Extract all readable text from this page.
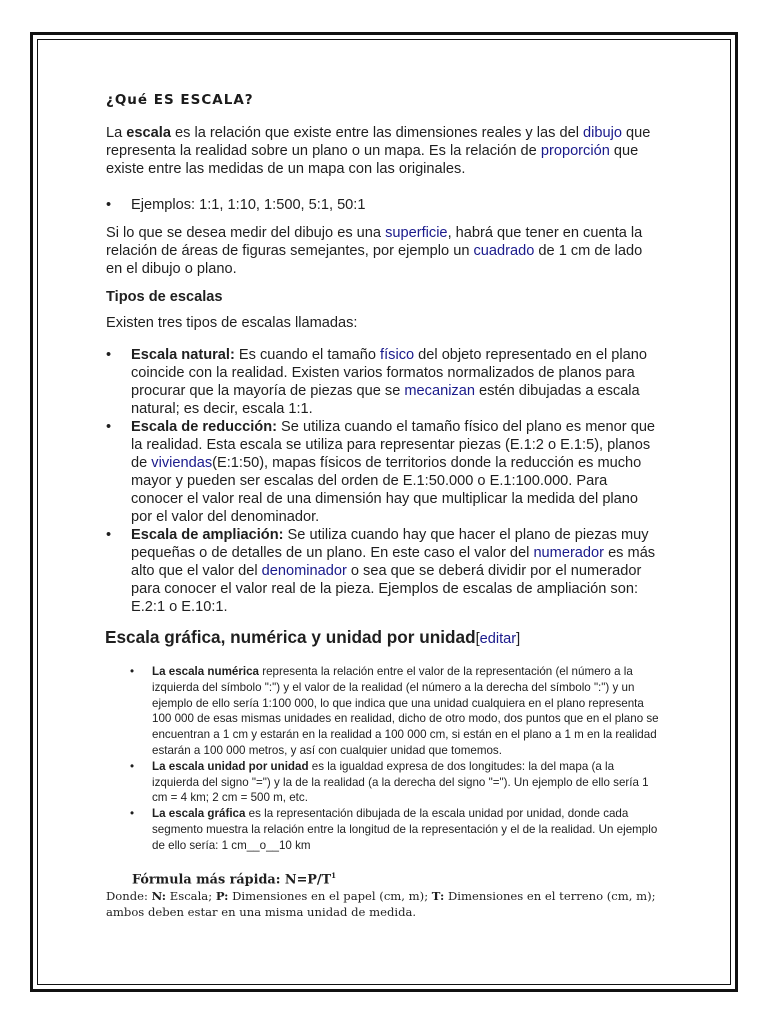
¿Qué ES ESCALA?

La escala es la relación que existe entre las dimensiones reales y las del dibujo que representa la realidad sobre un plano o un mapa. Es la relación de proporción que existe entre las medidas de un mapa con las originales.

• Ejemplos: 1:1, 1:10, 1:500, 5:1, 50:1

Si lo que se desea medir del dibujo es una superficie, habrá que tener en cuenta la relación de áreas de figuras semejantes, por ejemplo un cuadrado de 1 cm de lado en el dibujo o plano.

Tipos de escalas

Existen tres tipos de escalas llamadas:

• Escala natural: Es cuando el tamaño físico del objeto representado en el plano coincide con la realidad. Existen varios formatos normalizados de planos para procurar que la mayoría de piezas que se mecanizan estén dibujadas a escala natural; es decir, escala 1:1.
• Escala de reducción: Se utiliza cuando el tamaño físico del plano es menor que la realidad. Esta escala se utiliza para representar piezas (E.1:2 o E.1:5), planos de viviendas(E:1:50), mapas físicos de territorios donde la reducción es mucho mayor y pueden ser escalas del orden de E.1:50.000 o E.1:100.000. Para conocer el valor real de una dimensión hay que multiplicar la medida del plano por el valor del denominador.
• Escala de ampliación: Se utiliza cuando hay que hacer el plano de piezas muy pequeñas o de detalles de un plano. En este caso el valor del numerador es más alto que el valor del denominador o sea que se deberá dividir por el numerador para conocer el valor real de la pieza. Ejemplos de escalas de ampliación son: E.2:1 o E.10:1.
Escala gráfica, numérica y unidad por unidad[editar]
• La escala numérica representa la relación entre el valor de la representación (el número a la izquierda del símbolo ":") y el valor de la realidad (el número a la derecha del símbolo ":") y un ejemplo de ello sería 1:100 000, lo que indica que una unidad cualquiera en el plano representa 100 000 de esas mismas unidades en realidad, dicho de otro modo, dos puntos que en el plano se encuentran a 1 cm y estarán en la realidad a 100 000 cm, si están en el plano a 1 m en la realidad estarán a 100 000 metros, y así con cualquier unidad que tomemos.
• La escala unidad por unidad es la igualdad expresa de dos longitudes: la del mapa (a la izquierda del signo "=") y la de la realidad (a la derecha del signo "="). Un ejemplo de ello sería 1 cm = 4 km; 2 cm = 500 m, etc.
• La escala gráfica es la representación dibujada de la escala unidad por unidad, donde cada segmento muestra la relación entre la longitud de la representación y el de la realidad. Un ejemplo de ello sería: 1 cm__o__10 km
Fórmula más rápida: $N=P/T^1$
Donde: N: Escala; P: Dimensiones en el papel (cm, m); T: Dimensiones en el terreno (cm, m); ambos deben estar en una misma unidad de medida.
